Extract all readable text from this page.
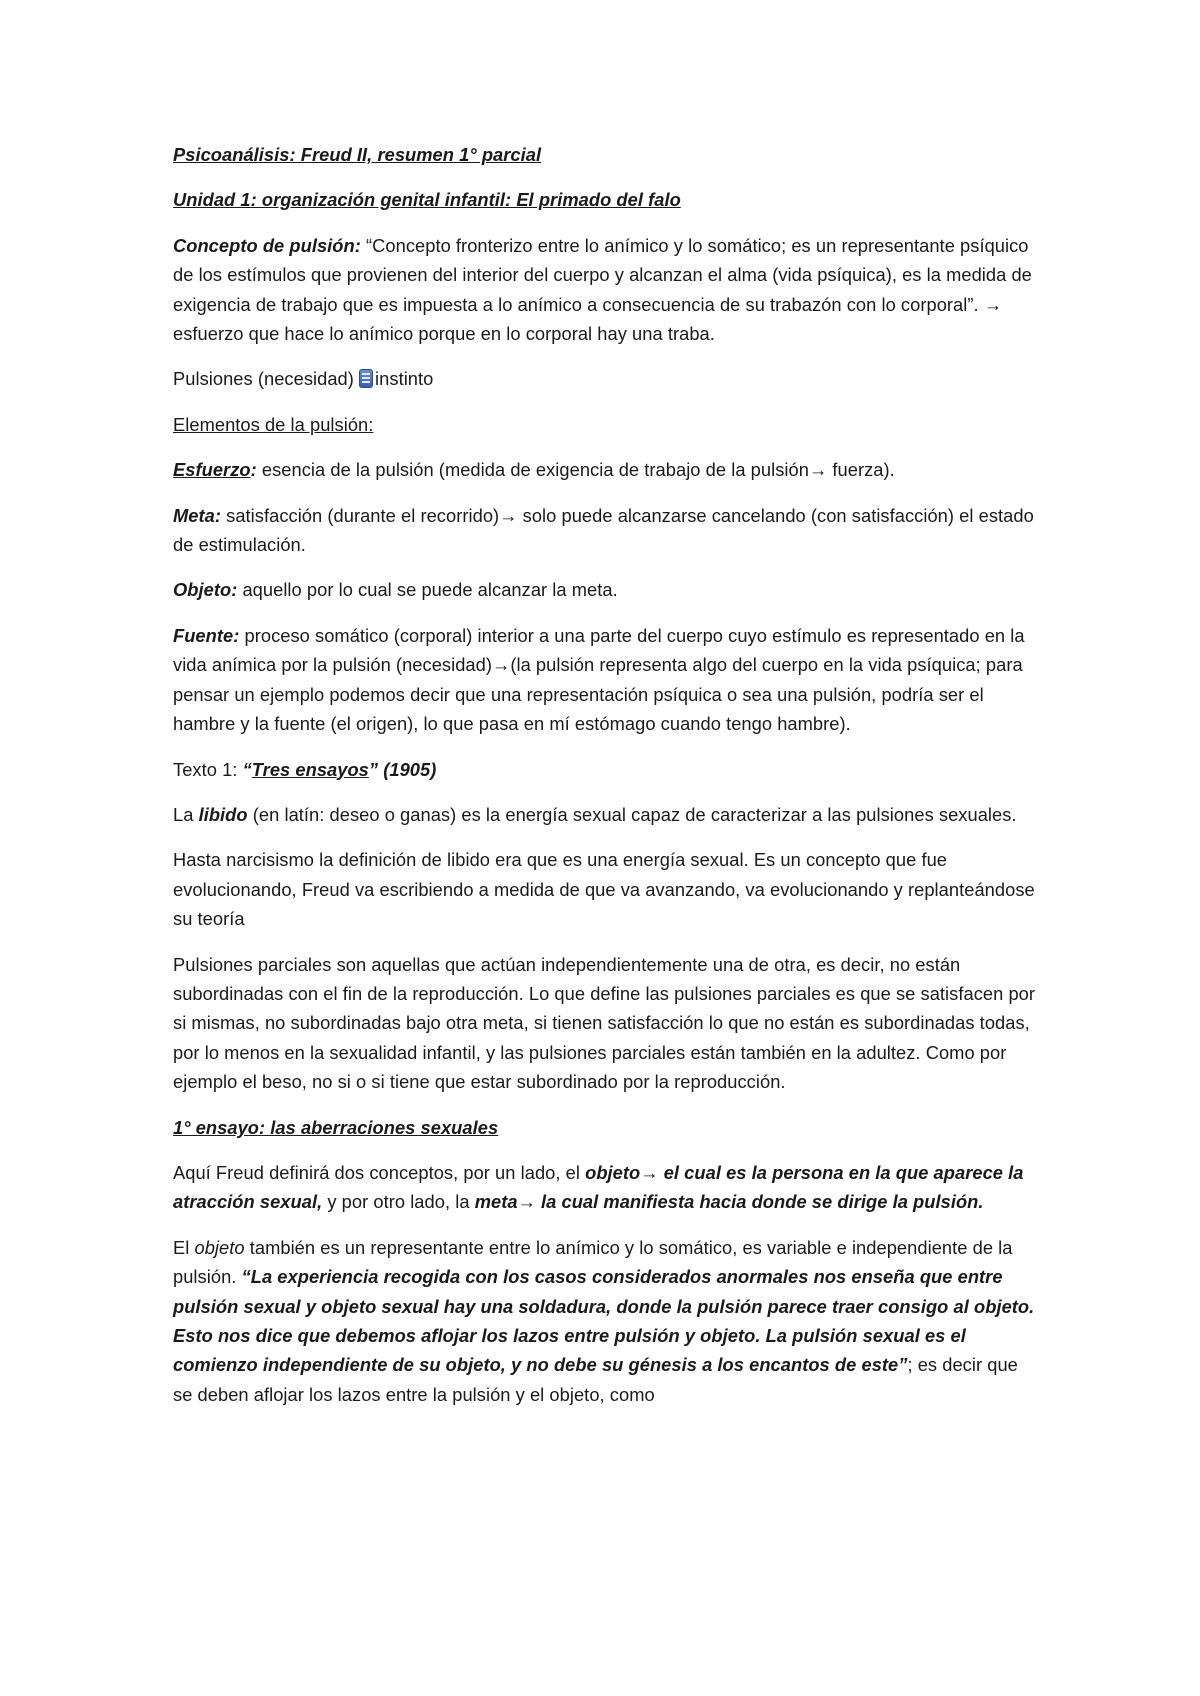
Psicoanálisis: Freud II, resumen 1° parcial

Unidad 1: organización genital infantil: El primado del falo

Concepto de pulsión: “Concepto fronterizo entre lo anímico y lo somático; es un representante psíquico de los estímulos que provienen del interior del cuerpo y alcanzan el alma (vida psíquica), es la medida de exigencia de trabajo que es impuesta a lo anímico a consecuencia de su trabazón con lo corporal”. → esfuerzo que hace lo anímico porque en lo corporal hay una traba.

Pulsiones (necesidad) instinto

Elementos de la pulsión:

Esfuerzo: esencia de la pulsión (medida de exigencia de trabajo de la pulsión→ fuerza).

Meta: satisfacción (durante el recorrido)→ solo puede alcanzarse cancelando (con satisfacción) el estado de estimulación.

Objeto: aquello por lo cual se puede alcanzar la meta.

Fuente: proceso somático (corporal) interior a una parte del cuerpo cuyo estímulo es representado en la vida anímica por la pulsión (necesidad)→(la pulsión representa algo del cuerpo en la vida psíquica; para pensar un ejemplo podemos decir que una representación psíquica o sea una pulsión, podría ser el hambre y la fuente (el origen), lo que pasa en mí estómago cuando tengo hambre).

Texto 1: “Tres ensayos” (1905)

La libido (en latín: deseo o ganas) es la energía sexual capaz de caracterizar a las pulsiones sexuales.

Hasta narcisismo la definición de libido era que es una energía sexual. Es un concepto que fue evolucionando, Freud va escribiendo a medida de que va avanzando, va evolucionando y replanteándose su teoría

Pulsiones parciales son aquellas que actúan independientemente una de otra, es decir, no están subordinadas con el fin de la reproducción. Lo que define las pulsiones parciales es que se satisfacen por si mismas, no subordinadas bajo otra meta, si tienen satisfacción lo que no están es subordinadas todas, por lo menos en la sexualidad infantil, y las pulsiones parciales están también en la adultez. Como por ejemplo el beso, no si o si tiene que estar subordinado por la reproducción.

1° ensayo: las aberraciones sexuales

Aquí Freud definirá dos conceptos, por un lado, el objeto→ el cual es la persona en la que aparece la atracción sexual, y por otro lado, la meta→ la cual manifiesta hacia donde se dirige la pulsión.

El objeto también es un representante entre lo anímico y lo somático, es variable e independiente de la pulsión. “La experiencia recogida con los casos considerados anormales nos enseña que entre pulsión sexual y objeto sexual hay una soldadura, donde la pulsión parece traer consigo al objeto. Esto nos dice que debemos aflojar los lazos entre pulsión y objeto. La pulsión sexual es el comienzo independiente de su objeto, y no debe su génesis a los encantos de este”; es decir que se deben aflojar los lazos entre la pulsión y el objeto, como
